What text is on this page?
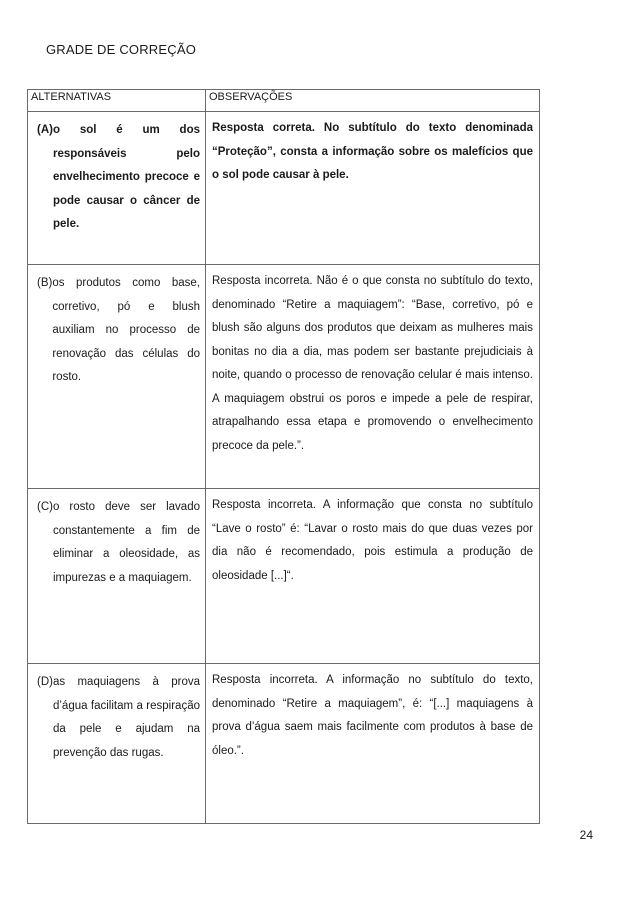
GRADE DE CORREÇÃO
ALTERNATIVAS	OBSERVAÇÕES

(A) o sol é um dos responsáveis pelo envelhecimento precoce e pode causar o câncer de pele.	Resposta correta. No subtítulo do texto denominada “Proteção”, consta a informação sobre os malefícios que o sol pode causar à pele.

(B) os produtos como base, corretivo, pó e blush auxiliam no processo de renovação das células do rosto.	Resposta incorreta. Não é o que consta no subtítulo do texto, denominado “Retire a maquiagem”: “Base, corretivo, pó e blush são alguns dos produtos que deixam as mulheres mais bonitas no dia a dia, mas podem ser bastante prejudiciais à noite, quando o processo de renovação celular é mais intenso. A maquiagem obstrui os poros e impede a pele de respirar, atrapalhando essa etapa e promovendo o envelhecimento precoce da pele.”.

(C) o rosto deve ser lavado constantemente a fim de eliminar a oleosidade, as impurezas e a maquiagem.	Resposta incorreta. A informação que consta no subtítulo “Lave o rosto” é: “Lavar o rosto mais do que duas vezes por dia não é recomendado, pois estimula a produção de oleosidade [...]“.

(D) as maquiagens à prova d’água facilitam a respiração da pele e ajudam na prevenção das rugas.	Resposta incorreta. A informação no subtítulo do texto, denominado “Retire a maquiagem”, é: “[...] maquiagens à prova d’água saem mais facilmente com produtos à base de óleo.”.
24
